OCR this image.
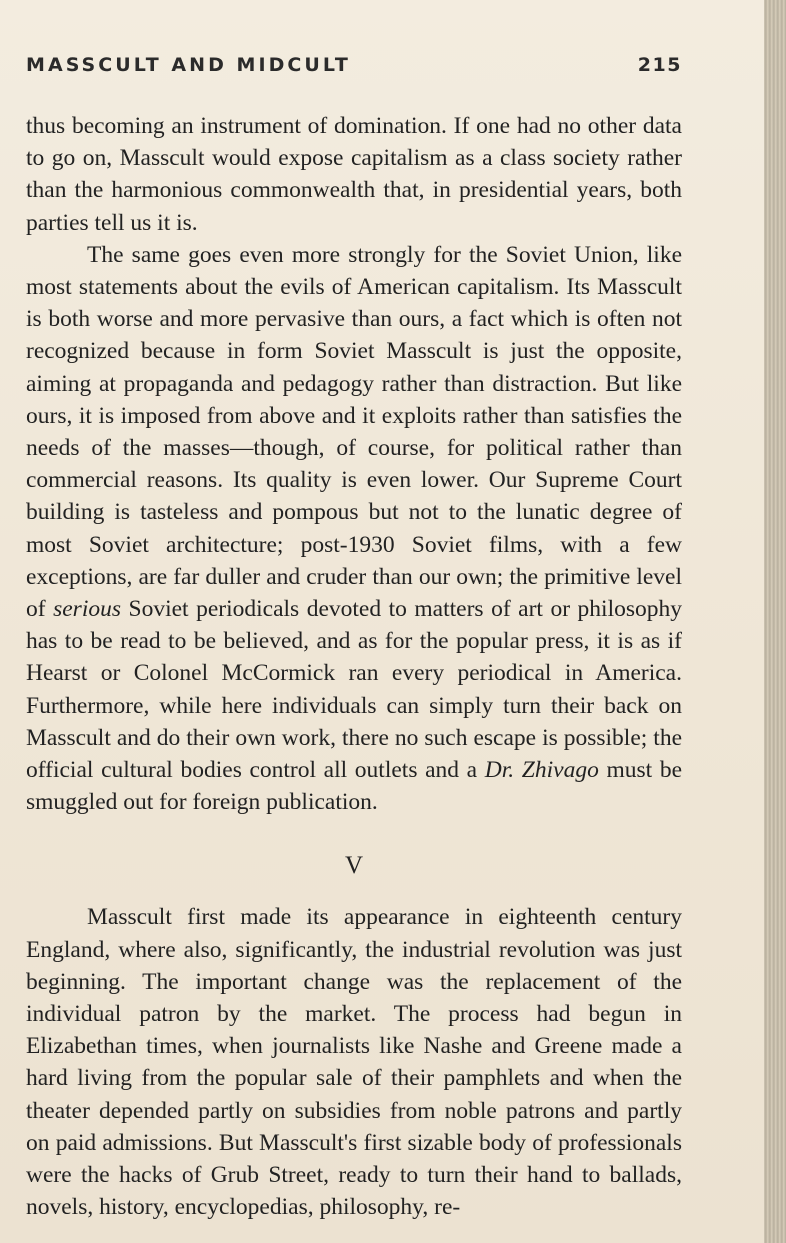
MASSCULT AND MIDCULT	215

thus becoming an instrument of domination. If one had no other data to go on, Masscult would expose capitalism as a class society rather than the harmonious commonwealth that, in presidential years, both parties tell us it is.

The same goes even more strongly for the Soviet Union, like most statements about the evils of American capitalism. Its Masscult is both worse and more pervasive than ours, a fact which is often not recognized because in form Soviet Masscult is just the opposite, aiming at propaganda and pedagogy rather than distraction. But like ours, it is imposed from above and it exploits rather than satisfies the needs of the masses—though, of course, for political rather than commercial reasons. Its quality is even lower. Our Supreme Court building is tasteless and pompous but not to the lunatic degree of most Soviet architecture; post-1930 Soviet films, with a few exceptions, are far duller and cruder than our own; the primitive level of serious Soviet periodicals devoted to matters of art or philosophy has to be read to be believed, and as for the popular press, it is as if Hearst or Colonel McCormick ran every periodical in America. Furthermore, while here individuals can simply turn their back on Masscult and do their own work, there no such escape is possible; the official cultural bodies control all outlets and a Dr. Zhivago must be smuggled out for foreign publication.

V

Masscult first made its appearance in eighteenth century England, where also, significantly, the industrial revolution was just beginning. The important change was the replacement of the individual patron by the market. The process had begun in Elizabethan times, when journalists like Nashe and Greene made a hard living from the popular sale of their pamphlets and when the theater depended partly on subsidies from noble patrons and partly on paid admissions. But Masscult's first sizable body of professionals were the hacks of Grub Street, ready to turn their hand to ballads, novels, history, encyclopedias, philosophy, re-
